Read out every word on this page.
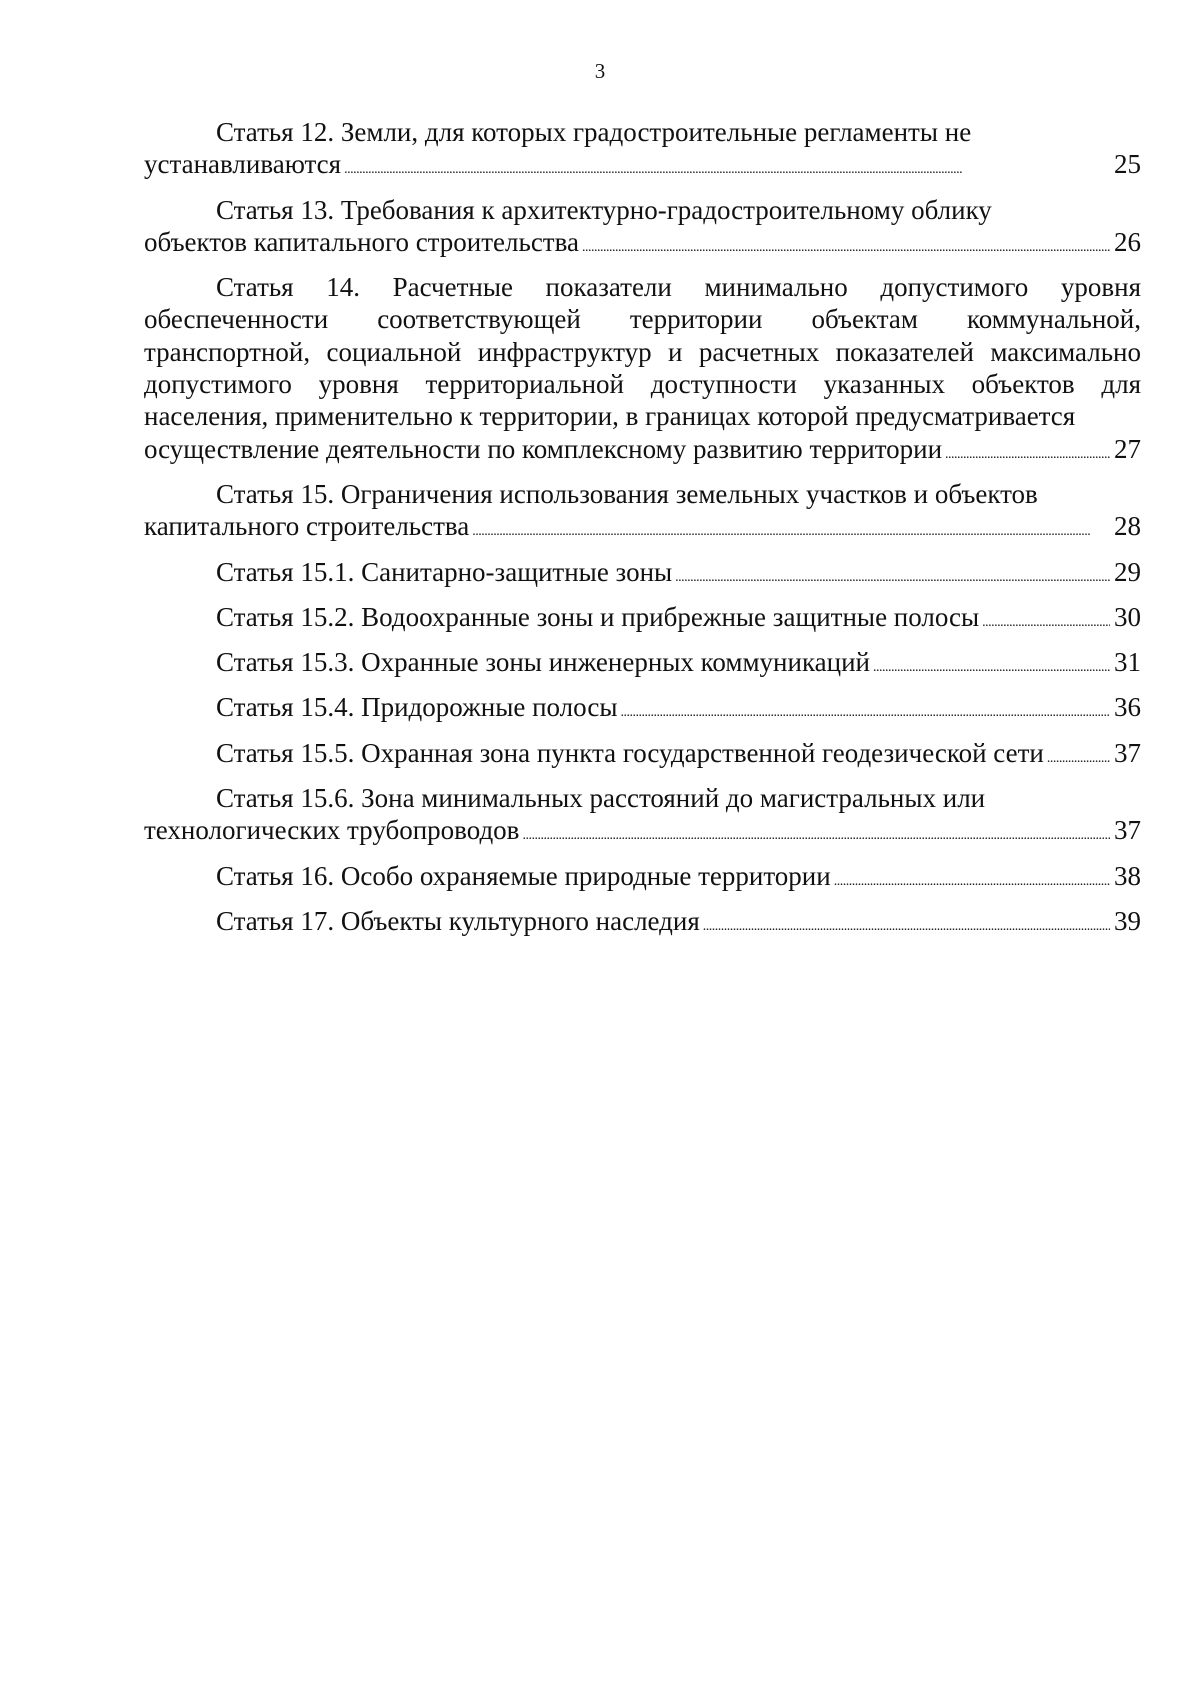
3
Статья 12. Земли, для которых градостроительные регламенты не
устанавливаются . . .	25
Статья 13. Требования к архитектурно-градостроительному облику
объектов капитального строительства . . .	26
Статья 14. Расчетные показатели минимально допустимого уровня обеспеченности соответствующей территории объектам коммунальной, транспортной, социальной инфраструктур и расчетных показателей максимально допустимого уровня территориальной доступности указанных объектов для населения, применительно к территории, в границах которой предусматривается
осуществление деятельности по комплексному развитию территории . . .	27
Статья 15. Ограничения использования земельных участков и объектов
капитального строительства . . .	28
Статья 15.1. Санитарно-защитные зоны . . .	29
Статья 15.2. Водоохранные зоны и прибрежные защитные полосы . . .	30
Статья 15.3. Охранные зоны инженерных коммуникаций . . .	31
Статья 15.4. Придорожные полосы . . .	36
Статья 15.5. Охранная зона пункта государственной геодезической сети . . .	37
Статья 15.6. Зона минимальных расстояний до магистральных или
технологических трубопроводов . . .	37
Статья 16. Особо охраняемые природные территории . . .	38
Статья 17. Объекты культурного наследия . . .	39
